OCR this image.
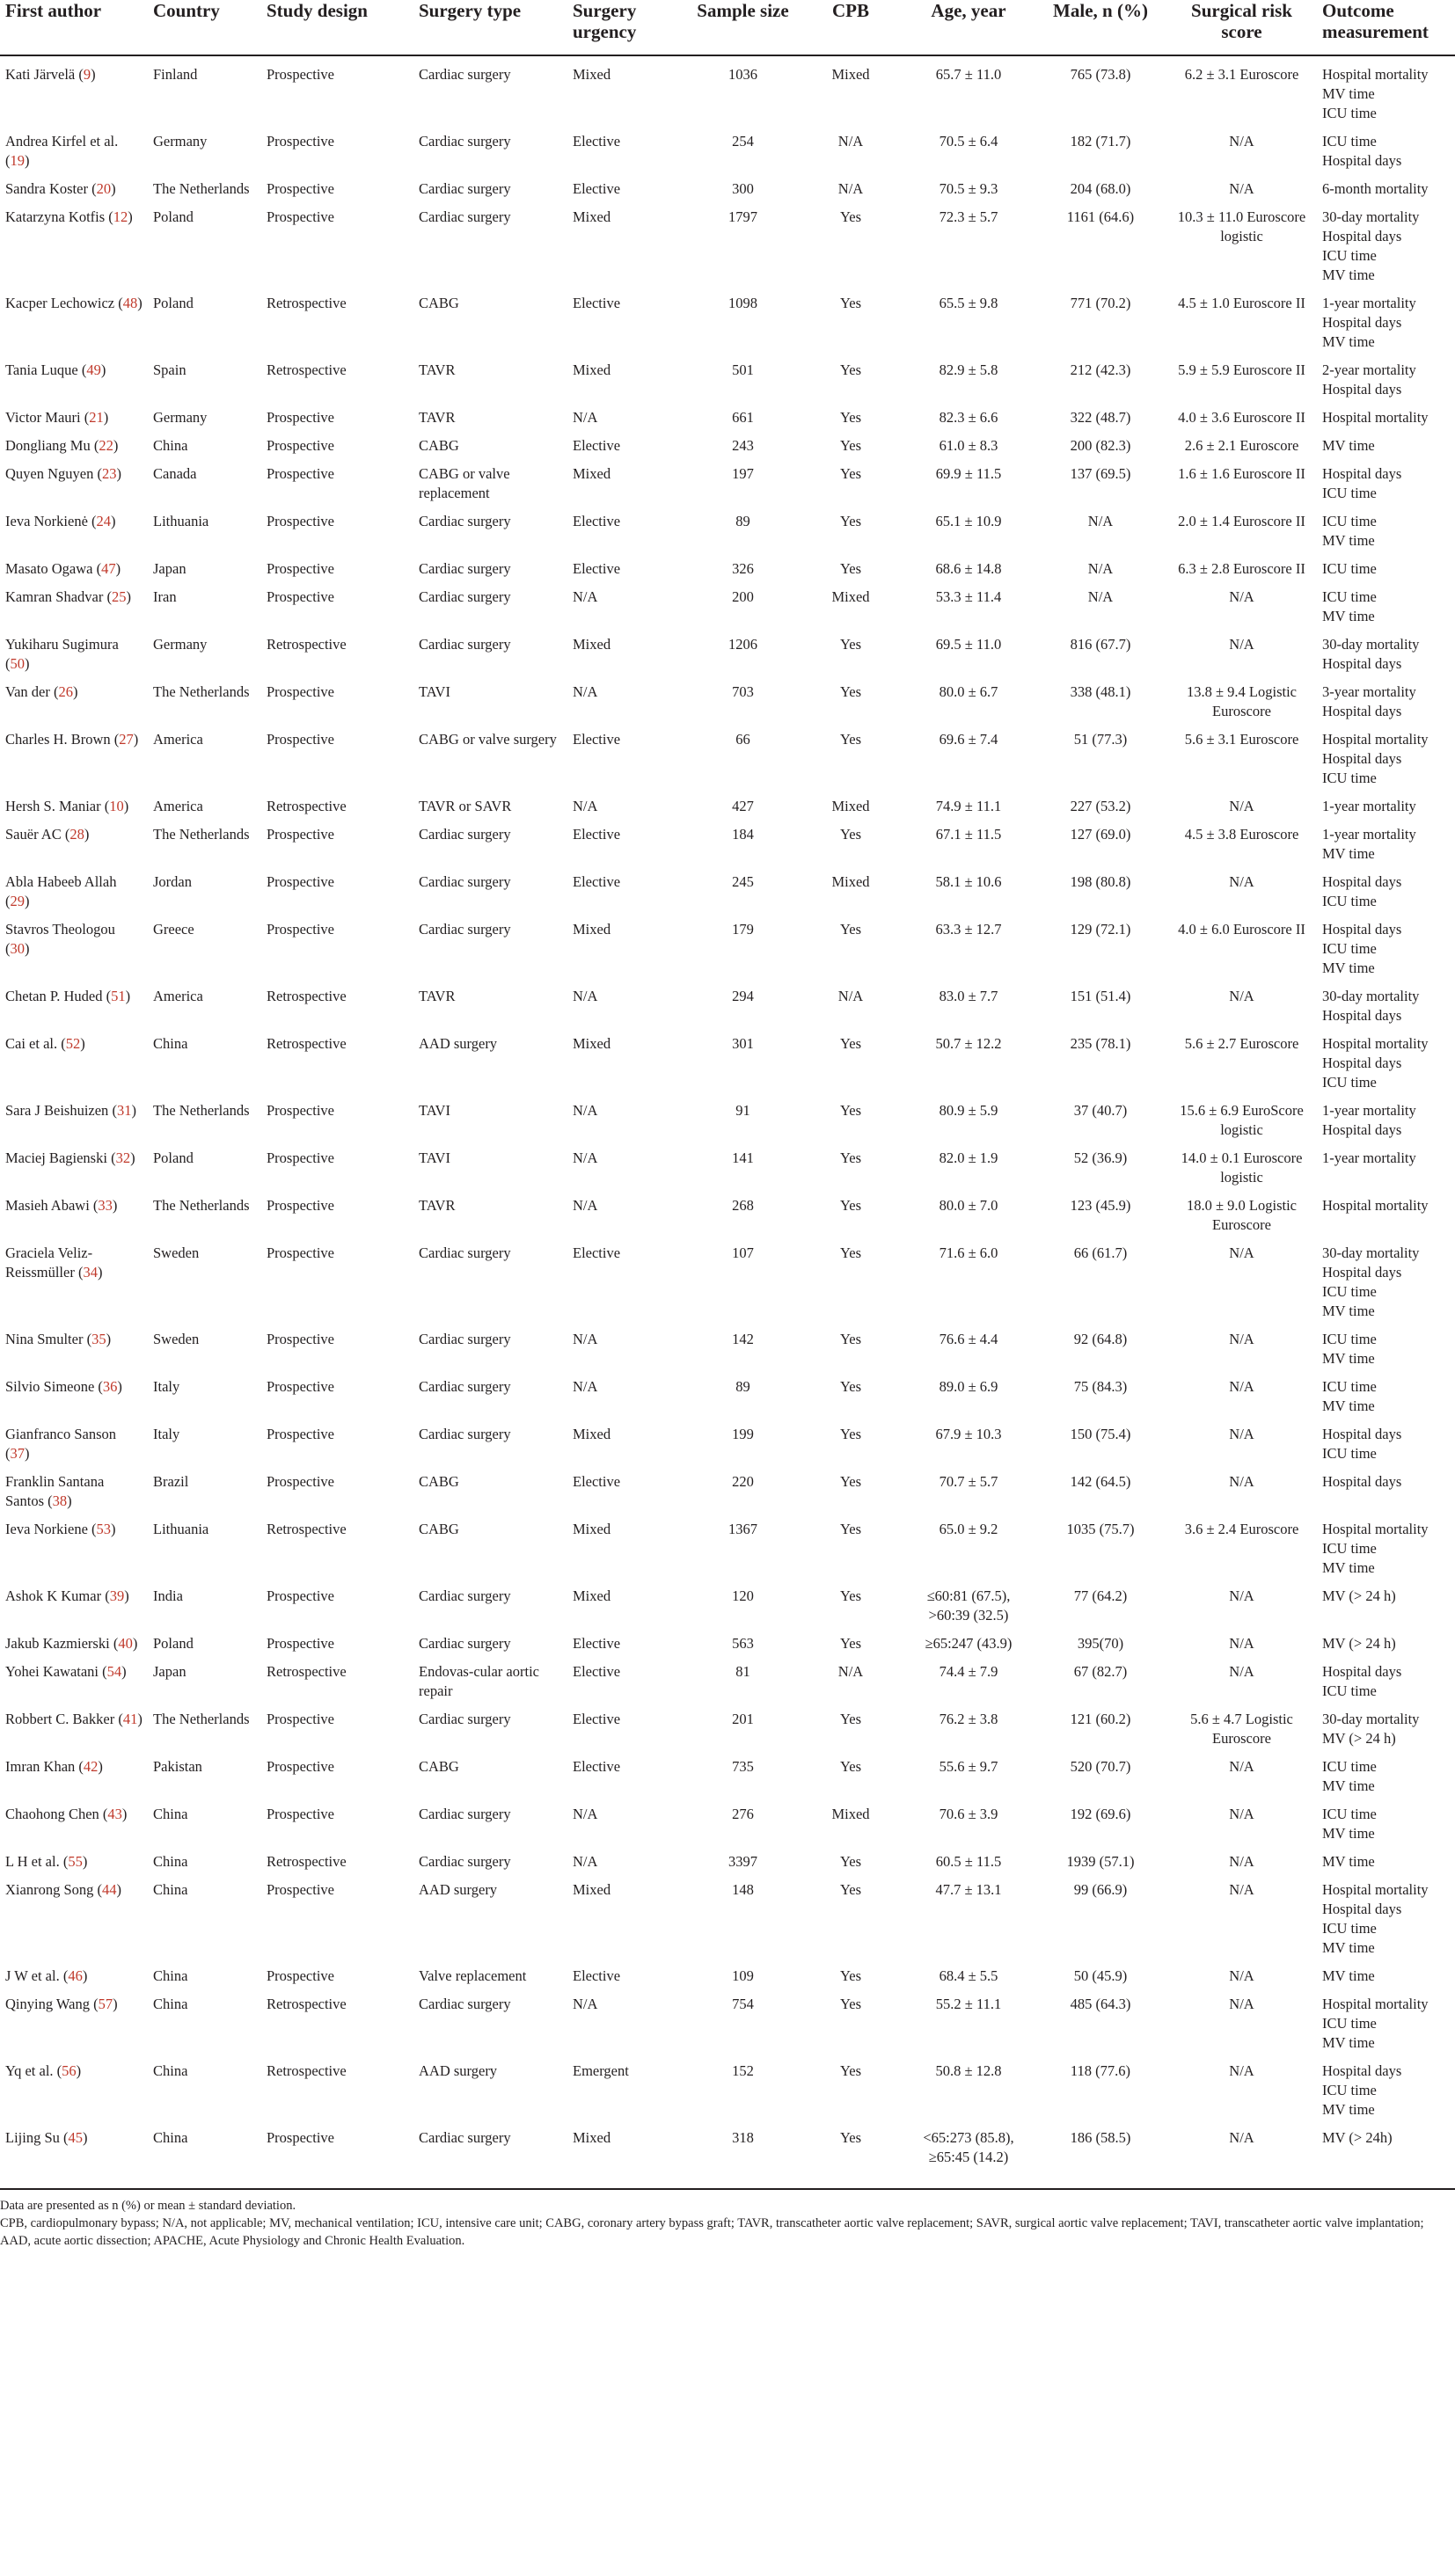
First author	Country	Study design	Surgery type	Surgery urgency	Sample size	CPB	Age, year	Male, n (%)	Surgical risk score	Outcome measurement
Kati Järvelä (9)	Finland	Prospective	Cardiac surgery	Mixed	1036	Mixed	65.7 ± 11.0	765 (73.8)	6.2 ± 3.1 Euroscore	Hospital mortality
MV time
ICU time

Andrea Kirfel et al. (19)	Germany	Prospective	Cardiac surgery	Elective	254	N/A	70.5 ± 6.4	182 (71.7)	N/A	ICU time
Hospital days

Sandra Koster (20)	The Netherlands	Prospective	Cardiac surgery	Elective	300	N/A	70.5 ± 9.3	204 (68.0)	N/A	6-month mortality

Katarzyna Kotfis (12)	Poland	Prospective	Cardiac surgery	Mixed	1797	Yes	72.3 ± 5.7	1161 (64.6)	10.3 ± 11.0 Euroscore logistic	30-day mortality
Hospital days
ICU time
MV time

Kacper Lechowicz (48)	Poland	Retrospective	CABG	Elective	1098	Yes	65.5 ± 9.8	771 (70.2)	4.5 ± 1.0 Euroscore II	1-year mortality
Hospital days
MV time

Tania Luque (49)	Spain	Retrospective	TAVR	Mixed	501	Yes	82.9 ± 5.8	212 (42.3)	5.9 ± 5.9 Euroscore II	2-year mortality
Hospital days

Victor Mauri (21)	Germany	Prospective	TAVR	N/A	661	Yes	82.3 ± 6.6	322 (48.7)	4.0 ± 3.6 Euroscore II	Hospital mortality

Dongliang Mu (22)	China	Prospective	CABG	Elective	243	Yes	61.0 ± 8.3	200 (82.3)	2.6 ± 2.1 Euroscore	MV time

Quyen Nguyen (23)	Canada	Prospective	CABG or valve replacement	Mixed	197	Yes	69.9 ± 11.5	137 (69.5)	1.6 ± 1.6 Euroscore II	Hospital days
ICU time

Ieva Norkienė (24)	Lithuania	Prospective	Cardiac surgery	Elective	89	Yes	65.1 ± 10.9	N/A	2.0 ± 1.4 Euroscore II	ICU time
MV time

Masato Ogawa (47)	Japan	Prospective	Cardiac surgery	Elective	326	Yes	68.6 ± 14.8	N/A	6.3 ± 2.8 Euroscore II	ICU time

Kamran Shadvar (25)	Iran	Prospective	Cardiac surgery	N/A	200	Mixed	53.3 ± 11.4	N/A	N/A	ICU time
MV time

Yukiharu Sugimura (50)	Germany	Retrospective	Cardiac surgery	Mixed	1206	Yes	69.5 ± 11.0	816 (67.7)	N/A	30-day mortality
Hospital days

Van der (26)	The Netherlands	Prospective	TAVI	N/A	703	Yes	80.0 ± 6.7	338 (48.1)	13.8 ± 9.4 Logistic Euroscore	3-year mortality
Hospital days

Charles H. Brown (27)	America	Prospective	CABG or valve surgery	Elective	66	Yes	69.6 ± 7.4	51 (77.3)	5.6 ± 3.1 Euroscore	Hospital mortality
Hospital days
ICU time

Hersh S. Maniar (10)	America	Retrospective	TAVR or SAVR	N/A	427	Mixed	74.9 ± 11.1	227 (53.2)	N/A	1-year mortality

Sauër AC (28)	The Netherlands	Prospective	Cardiac surgery	Elective	184	Yes	67.1 ± 11.5	127 (69.0)	4.5 ± 3.8 Euroscore	1-year mortality
MV time

Abla Habeeb Allah (29)	Jordan	Prospective	Cardiac surgery	Elective	245	Mixed	58.1 ± 10.6	198 (80.8)	N/A	Hospital days
ICU time

Stavros Theologou (30)	Greece	Prospective	Cardiac surgery	Mixed	179	Yes	63.3 ± 12.7	129 (72.1)	4.0 ± 6.0 Euroscore II	Hospital days
ICU time
MV time

Chetan P. Huded (51)	America	Retrospective	TAVR	N/A	294	N/A	83.0 ± 7.7	151 (51.4)	N/A	30-day mortality
Hospital days

Cai et al. (52)	China	Retrospective	AAD surgery	Mixed	301	Yes	50.7 ± 12.2	235 (78.1)	5.6 ± 2.7 Euroscore	Hospital mortality
Hospital days
ICU time

Sara J Beishuizen (31)	The Netherlands	Prospective	TAVI	N/A	91	Yes	80.9 ± 5.9	37 (40.7)	15.6 ± 6.9 EuroScore logistic	1-year mortality
Hospital days

Maciej Bagienski (32)	Poland	Prospective	TAVI	N/A	141	Yes	82.0 ± 1.9	52 (36.9)	14.0 ± 0.1 Euroscore logistic	1-year mortality

Masieh Abawi (33)	The Netherlands	Prospective	TAVR	N/A	268	Yes	80.0 ± 7.0	123 (45.9)	18.0 ± 9.0 Logistic Euroscore	Hospital mortality

Graciela Veliz-Reissmüller (34)	Sweden	Prospective	Cardiac surgery	Elective	107	Yes	71.6 ± 6.0	66 (61.7)	N/A	30-day mortality
Hospital days
ICU time
MV time

Nina Smulter (35)	Sweden	Prospective	Cardiac surgery	N/A	142	Yes	76.6 ± 4.4	92 (64.8)	N/A	ICU time
MV time

Silvio Simeone (36)	Italy	Prospective	Cardiac surgery	N/A	89	Yes	89.0 ± 6.9	75 (84.3)	N/A	ICU time
MV time

Gianfranco Sanson (37)	Italy	Prospective	Cardiac surgery	Mixed	199	Yes	67.9 ± 10.3	150 (75.4)	N/A	Hospital days
ICU time

Franklin Santana Santos (38)	Brazil	Prospective	CABG	Elective	220	Yes	70.7 ± 5.7	142 (64.5)	N/A	Hospital days

Ieva Norkiene (53)	Lithuania	Retrospective	CABG	Mixed	1367	Yes	65.0 ± 9.2	1035 (75.7)	3.6 ± 2.4 Euroscore	Hospital mortality
ICU time
MV time

Ashok K Kumar (39)	India	Prospective	Cardiac surgery	Mixed	120	Yes	≤60:81 (67.5), >60:39 (32.5)	77 (64.2)	N/A	MV (> 24 h)

Jakub Kazmierski (40)	Poland	Prospective	Cardiac surgery	Elective	563	Yes	≥65:247 (43.9)	395(70)	N/A	MV (> 24 h)

Yohei Kawatani (54)	Japan	Retrospective	Endovas-cular aortic repair	Elective	81	N/A	74.4 ± 7.9	67 (82.7)	N/A	Hospital days
ICU time

Robbert C. Bakker (41)	The Netherlands	Prospective	Cardiac surgery	Elective	201	Yes	76.2 ± 3.8	121 (60.2)	5.6 ± 4.7 Logistic Euroscore	30-day mortality
MV (> 24 h)

Imran Khan (42)	Pakistan	Prospective	CABG	Elective	735	Yes	55.6 ± 9.7	520 (70.7)	N/A	ICU time
MV time

Chaohong Chen (43)	China	Prospective	Cardiac surgery	N/A	276	Mixed	70.6 ± 3.9	192 (69.6)	N/A	ICU time
MV time

L H et al. (55)	China	Retrospective	Cardiac surgery	N/A	3397	Yes	60.5 ± 11.5	1939 (57.1)	N/A	MV time

Xianrong Song (44)	China	Prospective	AAD surgery	Mixed	148	Yes	47.7 ± 13.1	99 (66.9)	N/A	Hospital mortality
Hospital days
ICU time
MV time

J W et al. (46)	China	Prospective	Valve replacement	Elective	109	Yes	68.4 ± 5.5	50 (45.9)	N/A	MV time

Qinying Wang (57)	China	Retrospective	Cardiac surgery	N/A	754	Yes	55.2 ± 11.1	485 (64.3)	N/A	Hospital mortality
ICU time
MV time

Yq et al. (56)	China	Retrospective	AAD surgery	Emergent	152	Yes	50.8 ± 12.8	118 (77.6)	N/A	Hospital days
ICU time
MV time

Lijing Su (45)	China	Prospective	Cardiac surgery	Mixed	318	Yes	<65:273 (85.8), ≥65:45 (14.2)	186 (58.5)	N/A	MV (> 24h)

Data are presented as n (%) or mean ± standard deviation.

CPB, cardiopulmonary bypass; N/A, not applicable; MV, mechanical ventilation; ICU, intensive care unit; CABG, coronary artery bypass graft; TAVR, transcatheter aortic valve replacement; SAVR, surgical aortic valve replacement; TAVI, transcatheter aortic valve implantation; AAD, acute aortic dissection; APACHE, Acute Physiology and Chronic Health Evaluation.
